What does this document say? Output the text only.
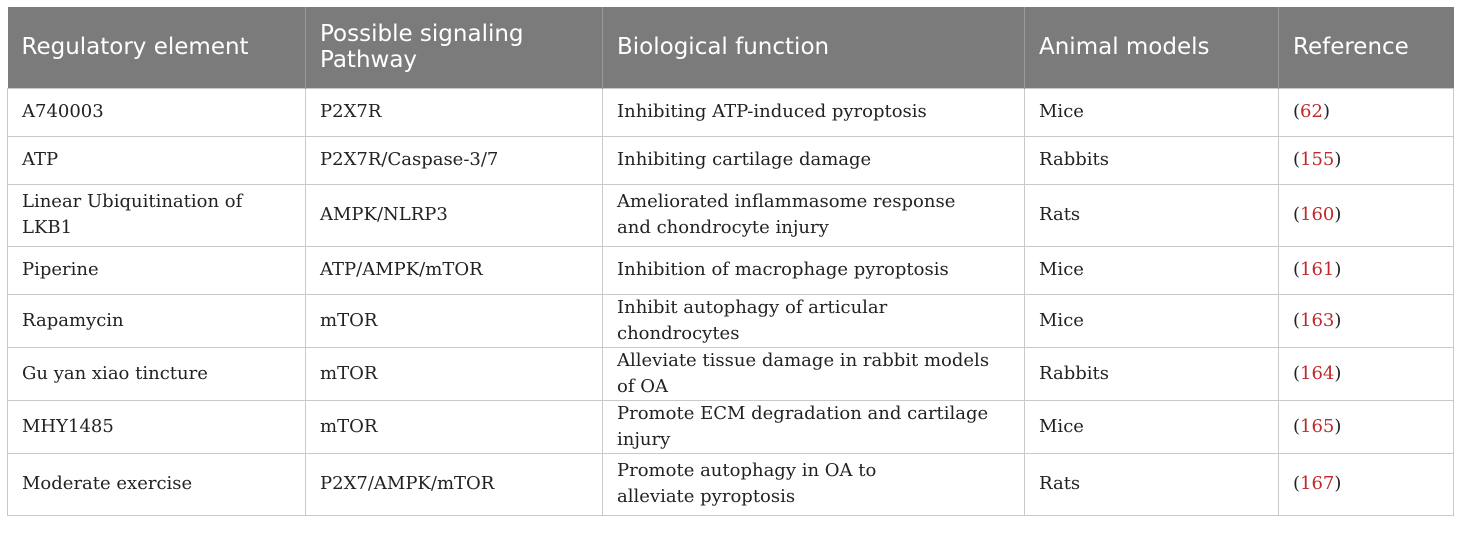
Regulatory element	Possible signaling Pathway	Biological function	Animal models	Reference
A740003	P2X7R	Inhibiting ATP-induced pyroptosis	Mice	(62)
ATP	P2X7R/Caspase-3/7	Inhibiting cartilage damage	Rabbits	(155)
Linear Ubiquitination of LKB1	AMPK/NLRP3	Ameliorated inflammasome response and chondrocyte injury	Rats	(160)
Piperine	ATP/AMPK/mTOR	Inhibition of macrophage pyroptosis	Mice	(161)
Rapamycin	mTOR	Inhibit autophagy of articular chondrocytes	Mice	(163)
Gu yan xiao tincture	mTOR	Alleviate tissue damage in rabbit models of OA	Rabbits	(164)
MHY1485	mTOR	Promote ECM degradation and cartilage injury	Mice	(165)
Moderate exercise	P2X7/AMPK/mTOR	Promote autophagy in OA to alleviate pyroptosis	Rats	(167)
